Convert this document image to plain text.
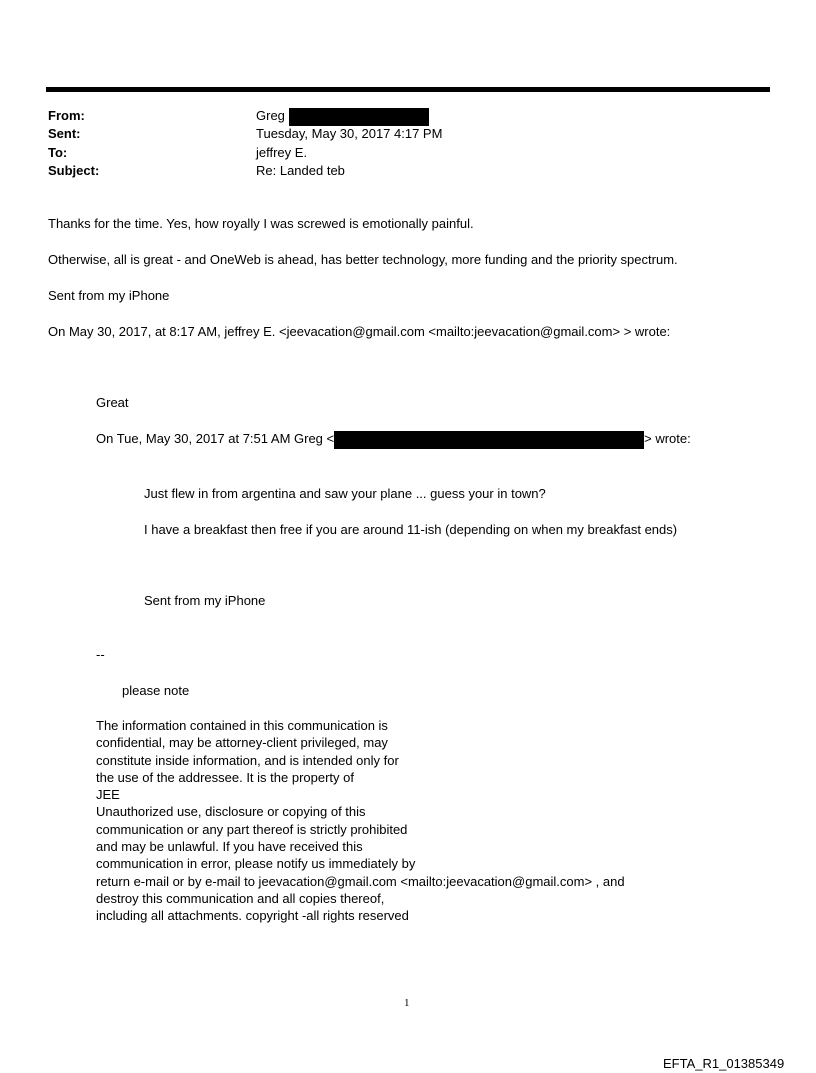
From:	Greg
Sent:	Tuesday, May 30, 2017 4:17 PM
To:	jeffrey E.
Subject:	Re: Landed teb
Thanks for the time. Yes, how royally I was screwed is emotionally painful.
Otherwise, all is great - and OneWeb is ahead, has better technology, more funding and the priority spectrum.
Sent from my iPhone
On May 30, 2017, at 8:17 AM, jeffrey E. <jeevacation@gmail.com <mailto:jeevacation@gmail.com> > wrote:
Great
On Tue, May 30, 2017 at 7:51 AM Greg <	> wrote:
Just flew in from argentina and saw your plane ... guess your in town?
I have a breakfast then free if you are around 11-ish (depending on when my breakfast ends)
Sent from my iPhone
--
please note
The information contained in this communication is
confidential, may be attorney-client privileged, may
constitute inside information, and is intended only for
the use of the addressee. It is the property of
JEE
Unauthorized use, disclosure or copying of this
communication or any part thereof is strictly prohibited
and may be unlawful. If you have received this
communication in error, please notify us immediately by
return e-mail or by e-mail to jeevacation@gmail.com <mailto:jeevacation@gmail.com> , and
destroy this communication and all copies thereof,
including all attachments. copyright -all rights reserved
1
EFTA_R1_01385349
